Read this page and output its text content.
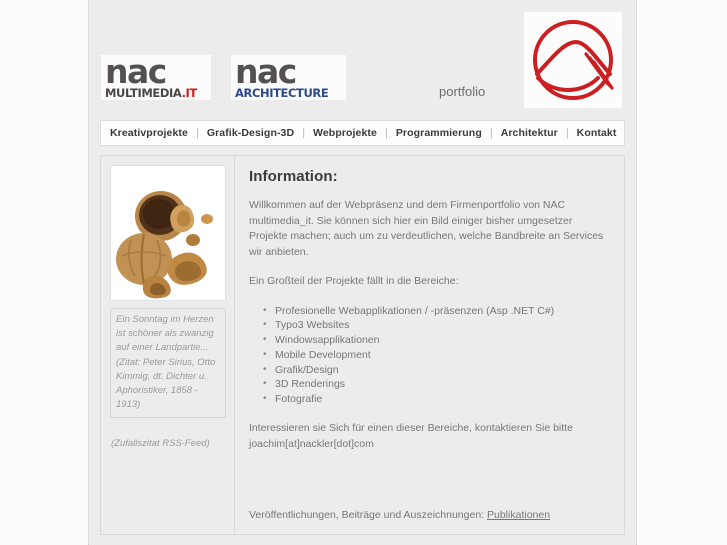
nac
MULTIMEDIA.IT
nac
ARCHITECTURE	portfolio
Kreativprojekte | Grafik-Design-3D | Webprojekte | Programmierung | Architektur | Kontakt

Ein Sonntag im Herzen ist schöner als zwanzig auf einer Landpartie... (Zitat: Peter Sirius, Otto Kimmig, dt. Dichter u. Aphoristiker, 1858 - 1913)

(Zufallszitat RSS-Feed)
Information:

Willkommen auf der Webpräsenz und dem Firmenportfolio von NAC multimedia_it. Sie können sich hier ein Bild einiger bisher umgesetzer Projekte machen; auch um zu verdeutlichen, welche Bandbreite an Services wir anbieten.

Ein Großteil der Projekte fällt in die Bereiche:

• Profesionelle Webapplikationen / -präsenzen (Asp .NET C#)
• Typo3 Websites
• Windowsapplikationen
• Mobile Development
• Grafik/Design
• 3D Renderings
• Fotografie

Interessieren sie Sich für einen dieser Bereiche, kontaktieren Sie bitte joachim[at]nackler[dot]com

Veröffentlichungen, Beiträge und Auszeichnungen: Publikationen
